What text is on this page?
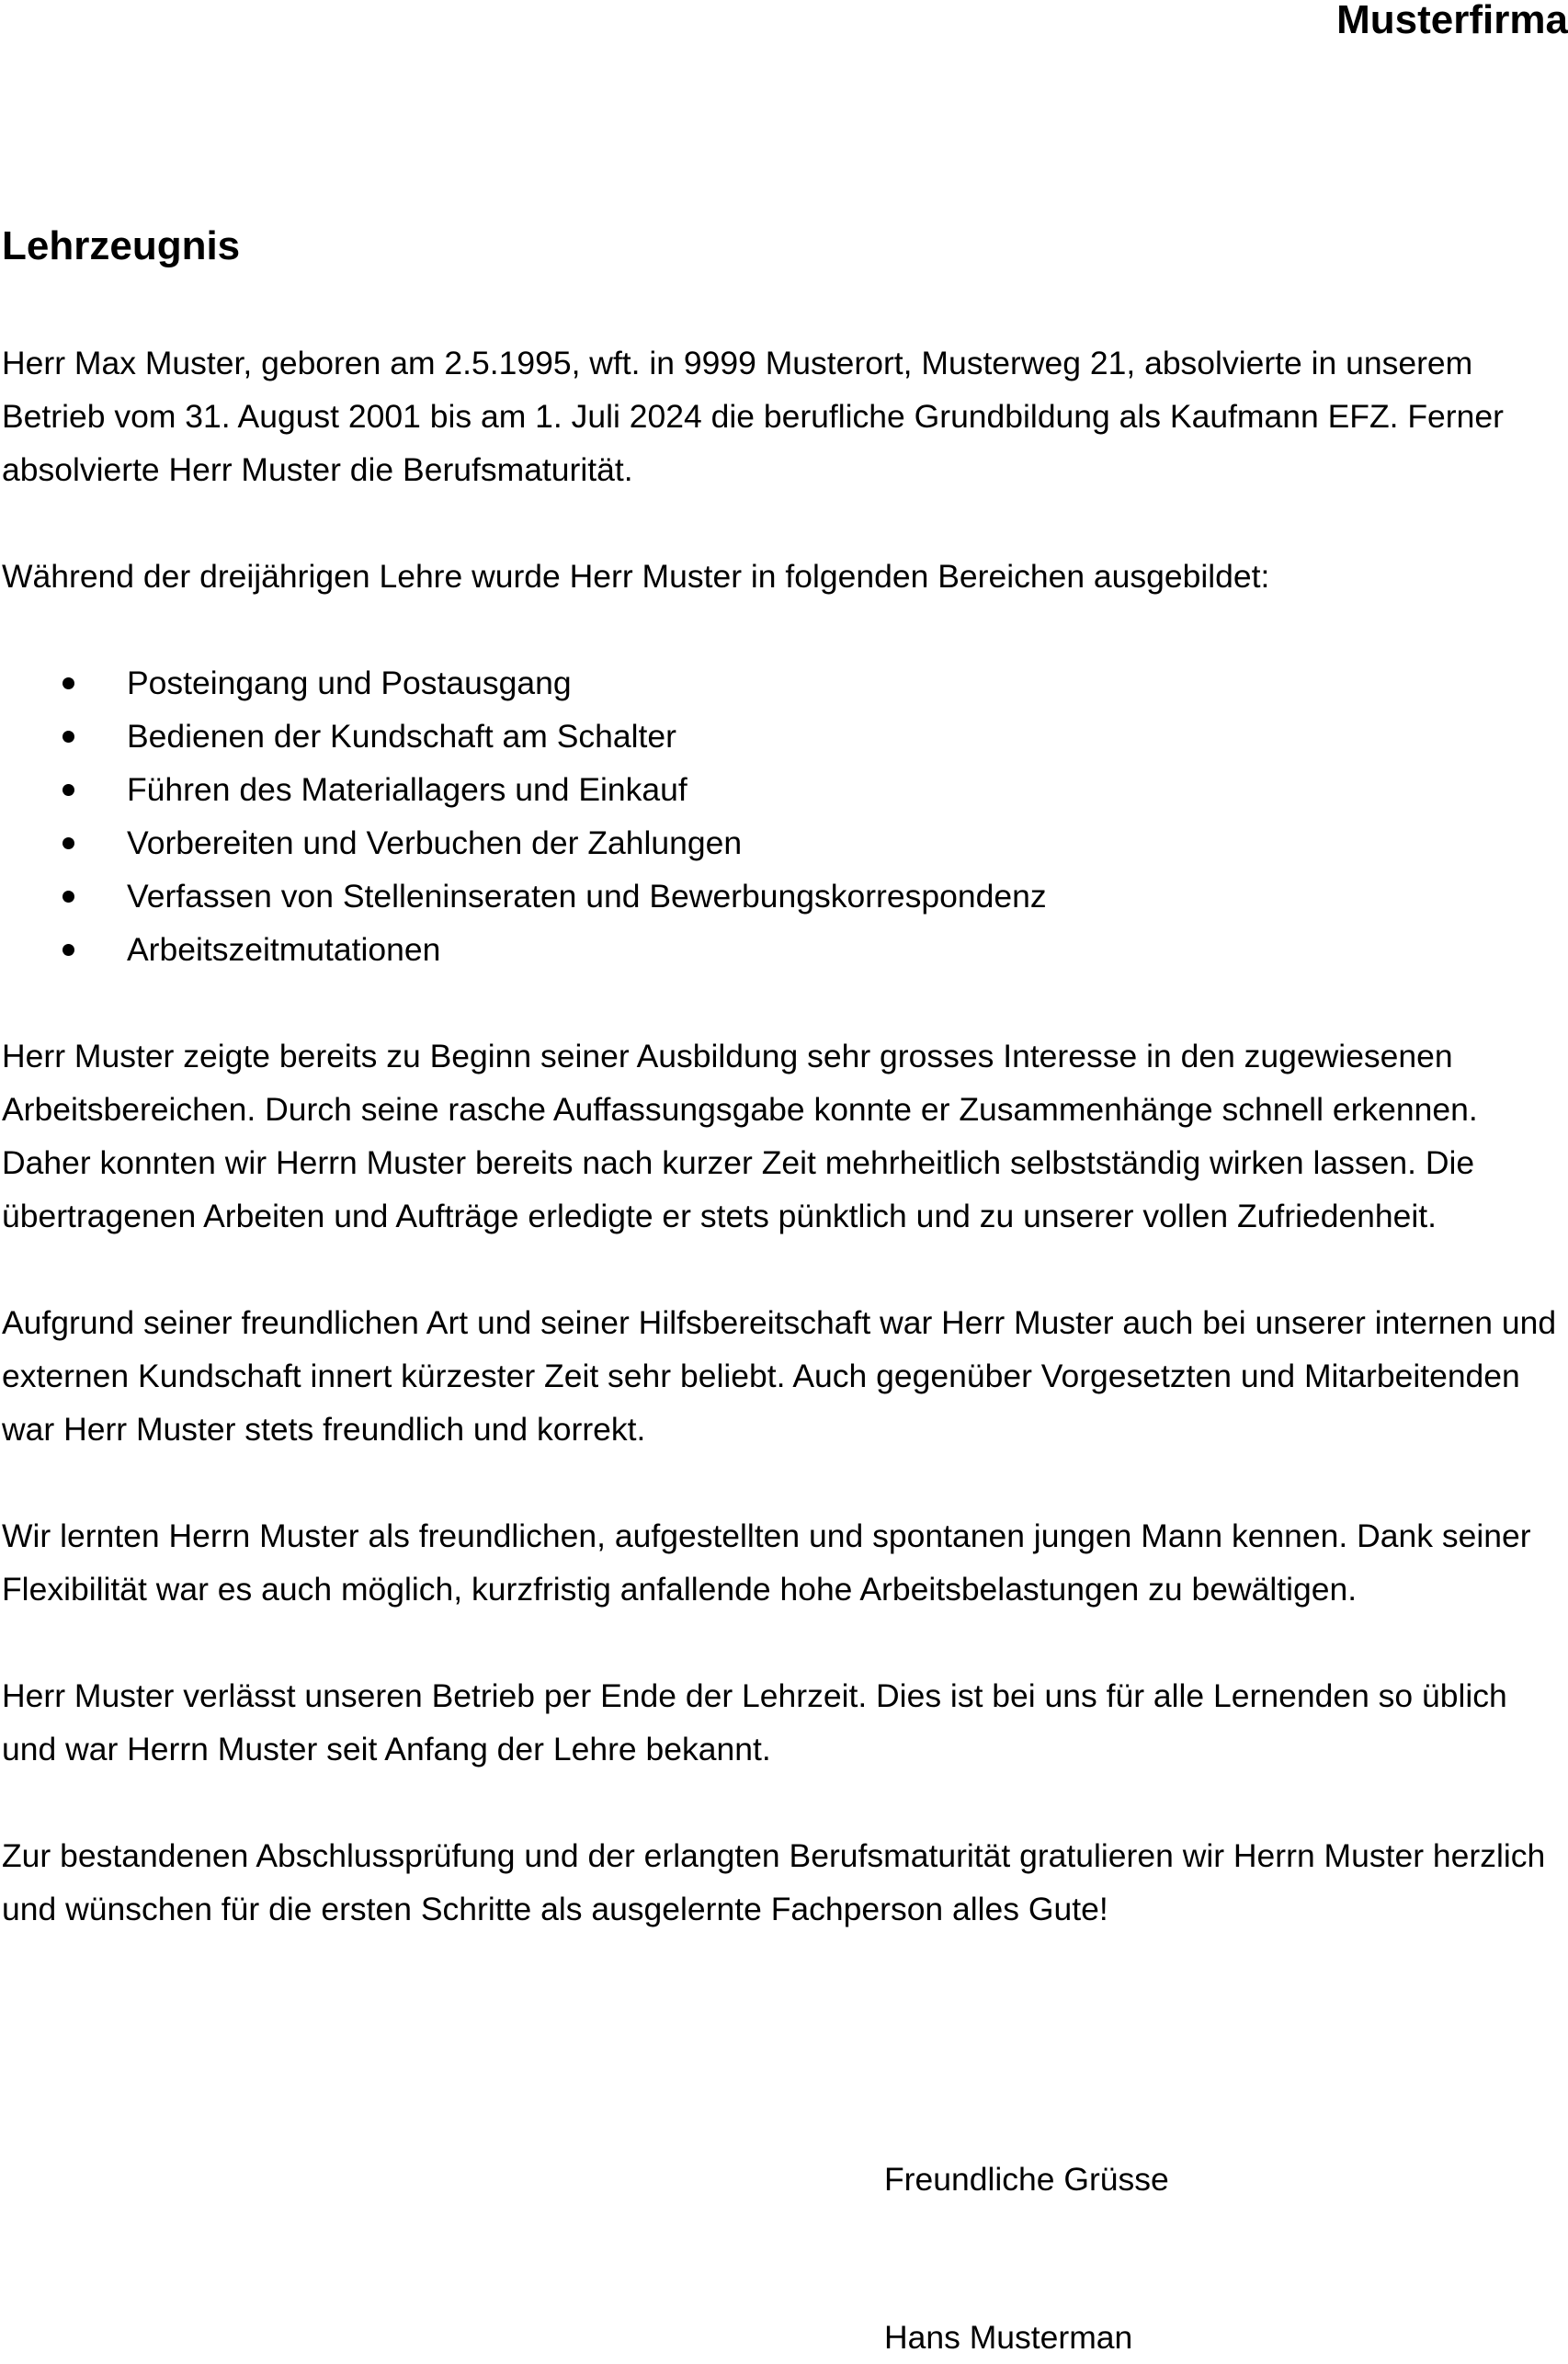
Musterfirma
Lehrzeugnis

Herr Max Muster, geboren am 2.5.1995, wft. in 9999 Musterort, Musterweg 21, absolvierte in unserem Betrieb vom 31. August 2001 bis am 1. Juli 2024 die berufliche Grundbildung als Kaufmann EFZ. Ferner absolvierte Herr Muster die Berufsmaturität.

Während der dreijährigen Lehre wurde Herr Muster in folgenden Bereichen ausgebildet:

Posteingang und Postausgang
Bedienen der Kundschaft am Schalter
Führen des Materiallagers und Einkauf
Vorbereiten und Verbuchen der Zahlungen
Verfassen von Stelleninseraten und Bewerbungskorrespondenz
Arbeitszeitmutationen

Herr Muster zeigte bereits zu Beginn seiner Ausbildung sehr grosses Interesse in den zugewiesenen Arbeitsbereichen. Durch seine rasche Auffassungsgabe konnte er Zusammenhänge schnell erkennen. Daher konnten wir Herrn Muster bereits nach kurzer Zeit mehrheitlich selbstständig wirken lassen. Die übertragenen Arbeiten und Aufträge erledigte er stets pünktlich und zu unserer vollen Zufriedenheit.

Aufgrund seiner freundlichen Art und seiner Hilfsbereitschaft war Herr Muster auch bei unserer internen und externen Kundschaft innert kürzester Zeit sehr beliebt. Auch gegenüber Vorgesetzten und Mitarbeitenden war Herr Muster stets freundlich und korrekt.

Wir lernten Herrn Muster als freundlichen, aufgestellten und spontanen jungen Mann kennen. Dank seiner Flexibilität war es auch möglich, kurzfristig anfallende hohe Arbeitsbelastungen zu bewältigen.

Herr Muster verlässt unseren Betrieb per Ende der Lehrzeit. Dies ist bei uns für alle Lernenden so üblich und war Herrn Muster seit Anfang der Lehre bekannt.

Zur bestandenen Abschlussprüfung und der erlangten Berufsmaturität gratulieren wir Herrn Muster herzlich und wünschen für die ersten Schritte als ausgelernte Fachperson alles Gute!

Freundliche Grüsse
Hans Musterman
